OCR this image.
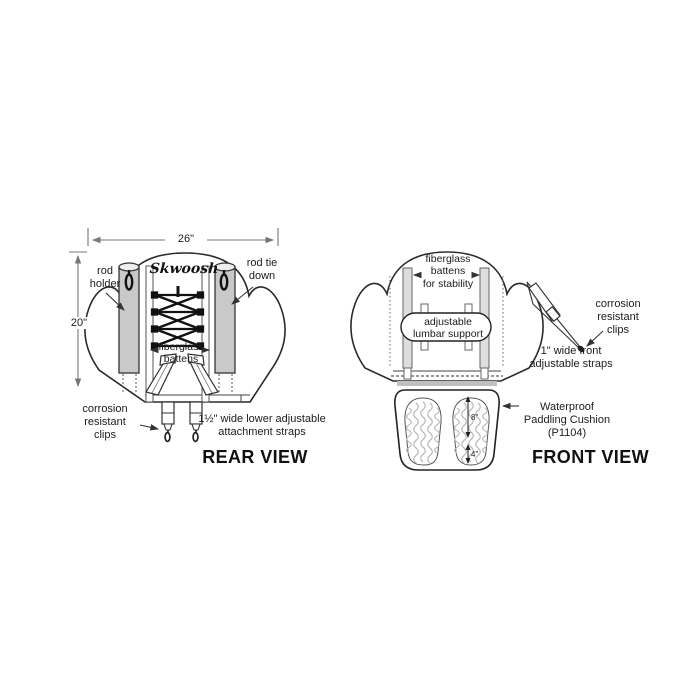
8"
4"
26"
20"
Skwoosh
rod
holder
rod tie
down
fiberglass
battens
corrosion
resistant
clips
1½" wide lower adjustable
attachment straps
REAR VIEW
fiberglass
battens
for stability
adjustable
lumbar support
corrosion
resistant
clips
1" wide front
adjustable straps
Waterproof
Paddling Cushion
(P1104)
FRONT VIEW
